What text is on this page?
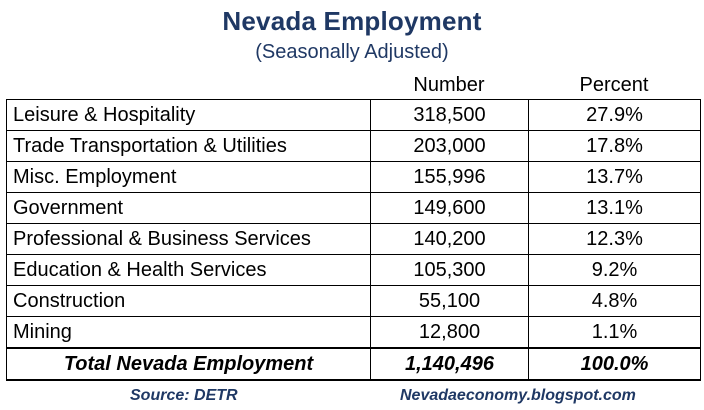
Nevada Employment
(Seasonally Adjusted)
Number	Percent
Leisure & Hospitality	318,500	27.9%
Trade Transportation & Utilities	203,000	17.8%
Misc. Employment	155,996	13.7%
Government	149,600	13.1%
Professional & Business Services	140,200	12.3%
Education & Health Services	105,300	9.2%
Construction	55,100	4.8%
Mining	12,800	1.1%
Total Nevada Employment	1,140,496	100.0%
Source: DETR	Nevadaeconomy.blogspot.com
